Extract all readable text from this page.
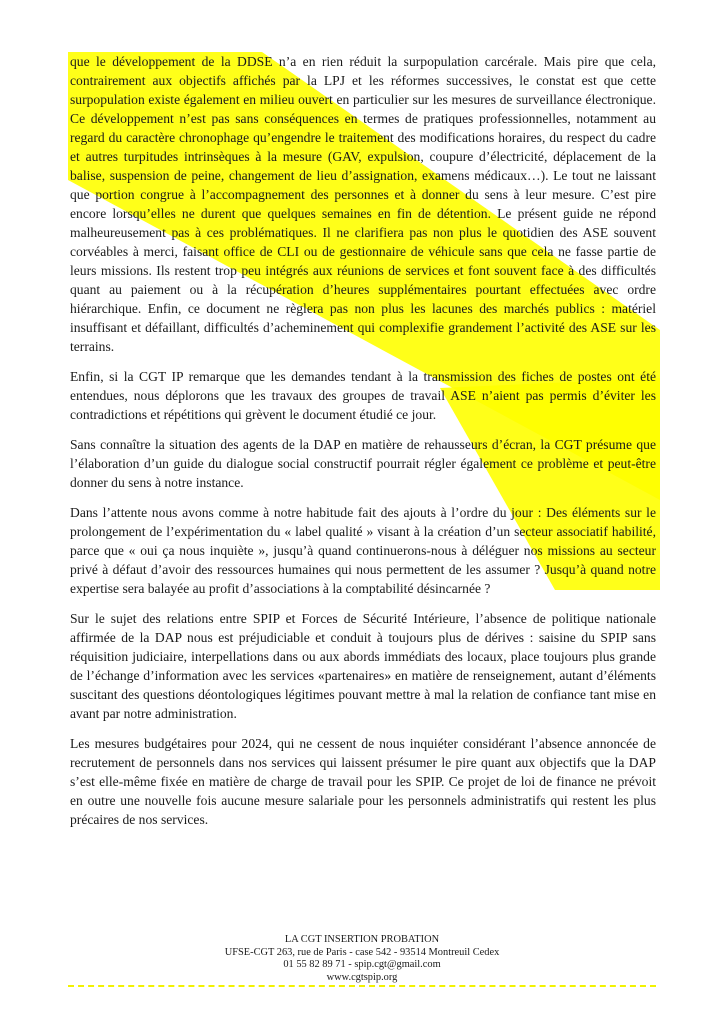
que le développement de la DDSE n’a en rien réduit la surpopulation carcérale. Mais pire que cela, contrairement aux objectifs affichés par la LPJ et les réformes successives, le constat est que cette surpopulation existe également en milieu ouvert en particulier sur les mesures de surveillance électronique. Ce développement n’est pas sans conséquences en termes de pratiques professionnelles, notamment au regard du caractère chronophage qu’engendre le traitement des modifications horaires, du respect du cadre et autres turpitudes intrinsèques à la mesure (GAV, expulsion, coupure d’électricité, déplacement de la balise, suspension de peine, changement de lieu d’assignation, examens médicaux…). Le tout ne laissant que portion congrue à l’accompagnement des personnes et à donner du sens à leur mesure. C’est pire encore lorsqu’elles ne durent que quelques semaines en fin de détention. Le présent guide ne répond malheureusement pas à ces problématiques. Il ne clarifiera pas non plus le quotidien des ASE souvent corvéables à merci, faisant office de CLI ou de gestionnaire de véhicule sans que cela ne fasse partie de leurs missions. Ils restent trop peu intégrés aux réunions de services et font souvent face à des difficultés quant au paiement ou à la récupération d’heures supplémentaires pourtant effectuées avec ordre hiérarchique. Enfin, ce document ne règlera pas non plus les lacunes des marchés publics : matériel insuffisant et défaillant, difficultés d’acheminement qui complexifie grandement l’activité des ASE sur les terrains.

Enfin, si la CGT IP remarque que les demandes tendant à la transmission des fiches de postes ont été entendues, nous déplorons que les travaux des groupes de travail ASE n’aient pas permis d’éviter les contradictions et répétitions qui grèvent le document étudié ce jour.

Sans connaître la situation des agents de la DAP en matière de rehausseurs d’écran, la CGT présume que l’élaboration d’un guide du dialogue social constructif pourrait régler également ce problème et peut-être donner du sens à notre instance.

Dans l’attente nous avons comme à notre habitude fait des ajouts à l’ordre du jour : Des éléments sur le prolongement de l’expérimentation du « label qualité » visant à la création d’un secteur associatif habilité, parce que « oui ça nous inquiète », jusqu’à quand continuerons-nous à déléguer nos missions au secteur privé à défaut d’avoir des ressources humaines qui nous permettent de les assumer ? Jusqu’à quand notre expertise sera balayée au profit d’associations à la comptabilité désincarnée ?

Sur le sujet des relations entre SPIP et Forces de Sécurité Intérieure, l’absence de politique nationale affirmée de la DAP nous est préjudiciable et conduit à toujours plus de dérives : saisine du SPIP sans réquisition judiciaire, interpellations dans ou aux abords immédiats des locaux, place toujours plus grande de l’échange d’information avec les services «partenaires» en matière de renseignement, autant d’éléments suscitant des questions déontologiques légitimes pouvant mettre à mal la relation de confiance tant mise en avant par notre administration.

Les mesures budgétaires pour 2024, qui ne cessent de nous inquiéter considérant l’absence annoncée de recrutement de personnels dans nos services qui laissent présumer le pire quant aux objectifs que la DAP s’est elle-même fixée en matière de charge de travail pour les SPIP. Ce projet de loi de finance ne prévoit en outre une nouvelle fois aucune mesure salariale pour les personnels administratifs qui restent les plus précaires de nos services.

LA CGT INSERTION PROBATION
UFSE-CGT 263, rue de Paris - case 542 - 93514 Montreuil Cedex
01 55 82 89 71 - spip.cgt@gmail.com
www.cgtspip.org
